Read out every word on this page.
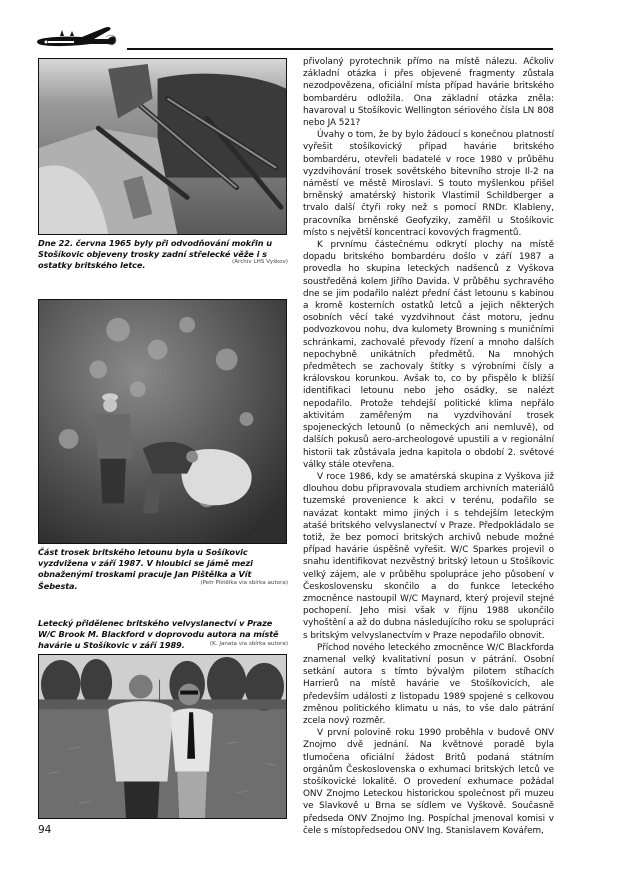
Dne 22. června 1965 byly při odvodňování mokřin u Stošíkovic objeveny trosky zadní střelecké věže i s ostatky britského letce.	(Archiv LHS Vyškov)
Část trosek britského letounu byla u Sošíkovic vyzdvižena v září 1987. V hloubici se jámě mezi obnaženými troskami pracuje Jan Pištělka a Vít Šebesta.	(Petr Pištělka via sbírka autora)
Letecký přidělenec britského velvyslanectví v Praze W/C Brook M. Blackford v doprovodu autora na místě havárie u Stošíkovic v září 1989.	(K. Janata via sbírka autora)

přivolaný pyrotechnik přímo na místě nálezu. Ačkoliv základní otázka i přes objevené fragmenty zůstala nezodpovězena, oficiální místa případ havárie britského bombardéru odložila. Ona základní otázka zněla: havaroval u Stošíkovic Wellington sériového čísla LN 808 nebo JA 521?

Úvahy o tom, že by bylo žádoucí s konečnou platností vyřešit stošíkovický případ havárie britského bombardéru, otevřeli badatelé v roce 1980 v průběhu vyzdvihování trosek sovětského bitevního stroje Il-2 na náměstí ve městě Miroslavi. S touto myšlenkou přišel brněnský amatérský historik Vlastimil Schildberger a trvalo další čtyři roky než s pomocí RNDr. Klableny, pracovníka brněnské Geofyziky, zaměřil u Stošíkovic místo s největší koncentrací kovových fragmentů.

K prvnímu částečnému odkrytí plochy na místě dopadu britského bombardéru došlo v září 1987 a provedla ho skupina leteckých nadšenců z Vyškova soustředěná kolem Jiřího Davida. V průběhu sychravého dne se jim podařilo nalézt přední část letounu s kabinou a kromě kosterních ostatků letců a jejich některých osobních věcí také vyzdvihnout část motoru, jednu podvozkovou nohu, dva kulomety Browning s muničními schránkami, zachovalé převody řízení a mnoho dalších nepochybně unikátních předmětů. Na mnohých předmětech se zachovaly štítky s výrobními čísly a královskou korunkou. Avšak to, co by přispělo k bližší identifikaci letounu nebo jeho osádky, se nalézt nepodařilo. Protože tehdejší politické klima nepřálo aktivitám zaměřeným na vyzdvihování trosek spojeneckých letounů (o německých ani nemluvě), od dalších pokusů aero-archeologové upustili a v regionální historii tak zůstávala jedna kapitola o období 2. světové války stále otevřena.

V roce 1986, kdy se amatérská skupina z Vyškova již dlouhou dobu připravovala studiem archivních materiálů tuzemské provenience k akci v terénu, podařilo se navázat kontakt mimo jiných i s tehdejším leteckým atašé britského velvyslanectví v Praze. Předpokládalo se totiž, že bez pomoci britských archivů nebude možné případ havárie úspěšně vyřešit. W/C Sparkes projevil o snahu identifikovat nezvěstný britský letoun u Stošíkovic velký zájem, ale v průběhu spolupráce jeho působení v Československu skončilo a do funkce leteckého zmocněnce nastoupil W/C Maynard, který projevil stejné pochopení. Jeho misi však v říjnu 1988 ukončilo vyhoštění a až do dubna následujícího roku se spolupráci s britským velvyslanectvím v Praze nepodařilo obnovit.

Příchod nového leteckého zmocněnce W/C Blackforda znamenal velký kvalitativní posun v pátrání. Osobní setkání autora s tímto bývalým pilotem stíhacích Harrierů na místě havárie ve Stošíkovicích, ale především události z listopadu 1989 spojené s celkovou změnou politického klimatu u nás, to vše dalo pátrání zcela nový rozměr.

V první polovině roku 1990 proběhla v budově ONV Znojmo dvě jednání. Na květnové poradě byla tlumočena oficiální žádost Britů podaná státním orgánům Československa o exhumaci britských letců ve stošíkovické lokalitě. O provedení exhumace požádal ONV Znojmo Leteckou historickou společnost při muzeu ve Slavkově u Brna se sídlem ve Vyškově. Současně předseda ONV Znojmo Ing. Pospíchal jmenoval komisi v čele s místopředsedou ONV Ing. Stanislavem Kovářem,

94
